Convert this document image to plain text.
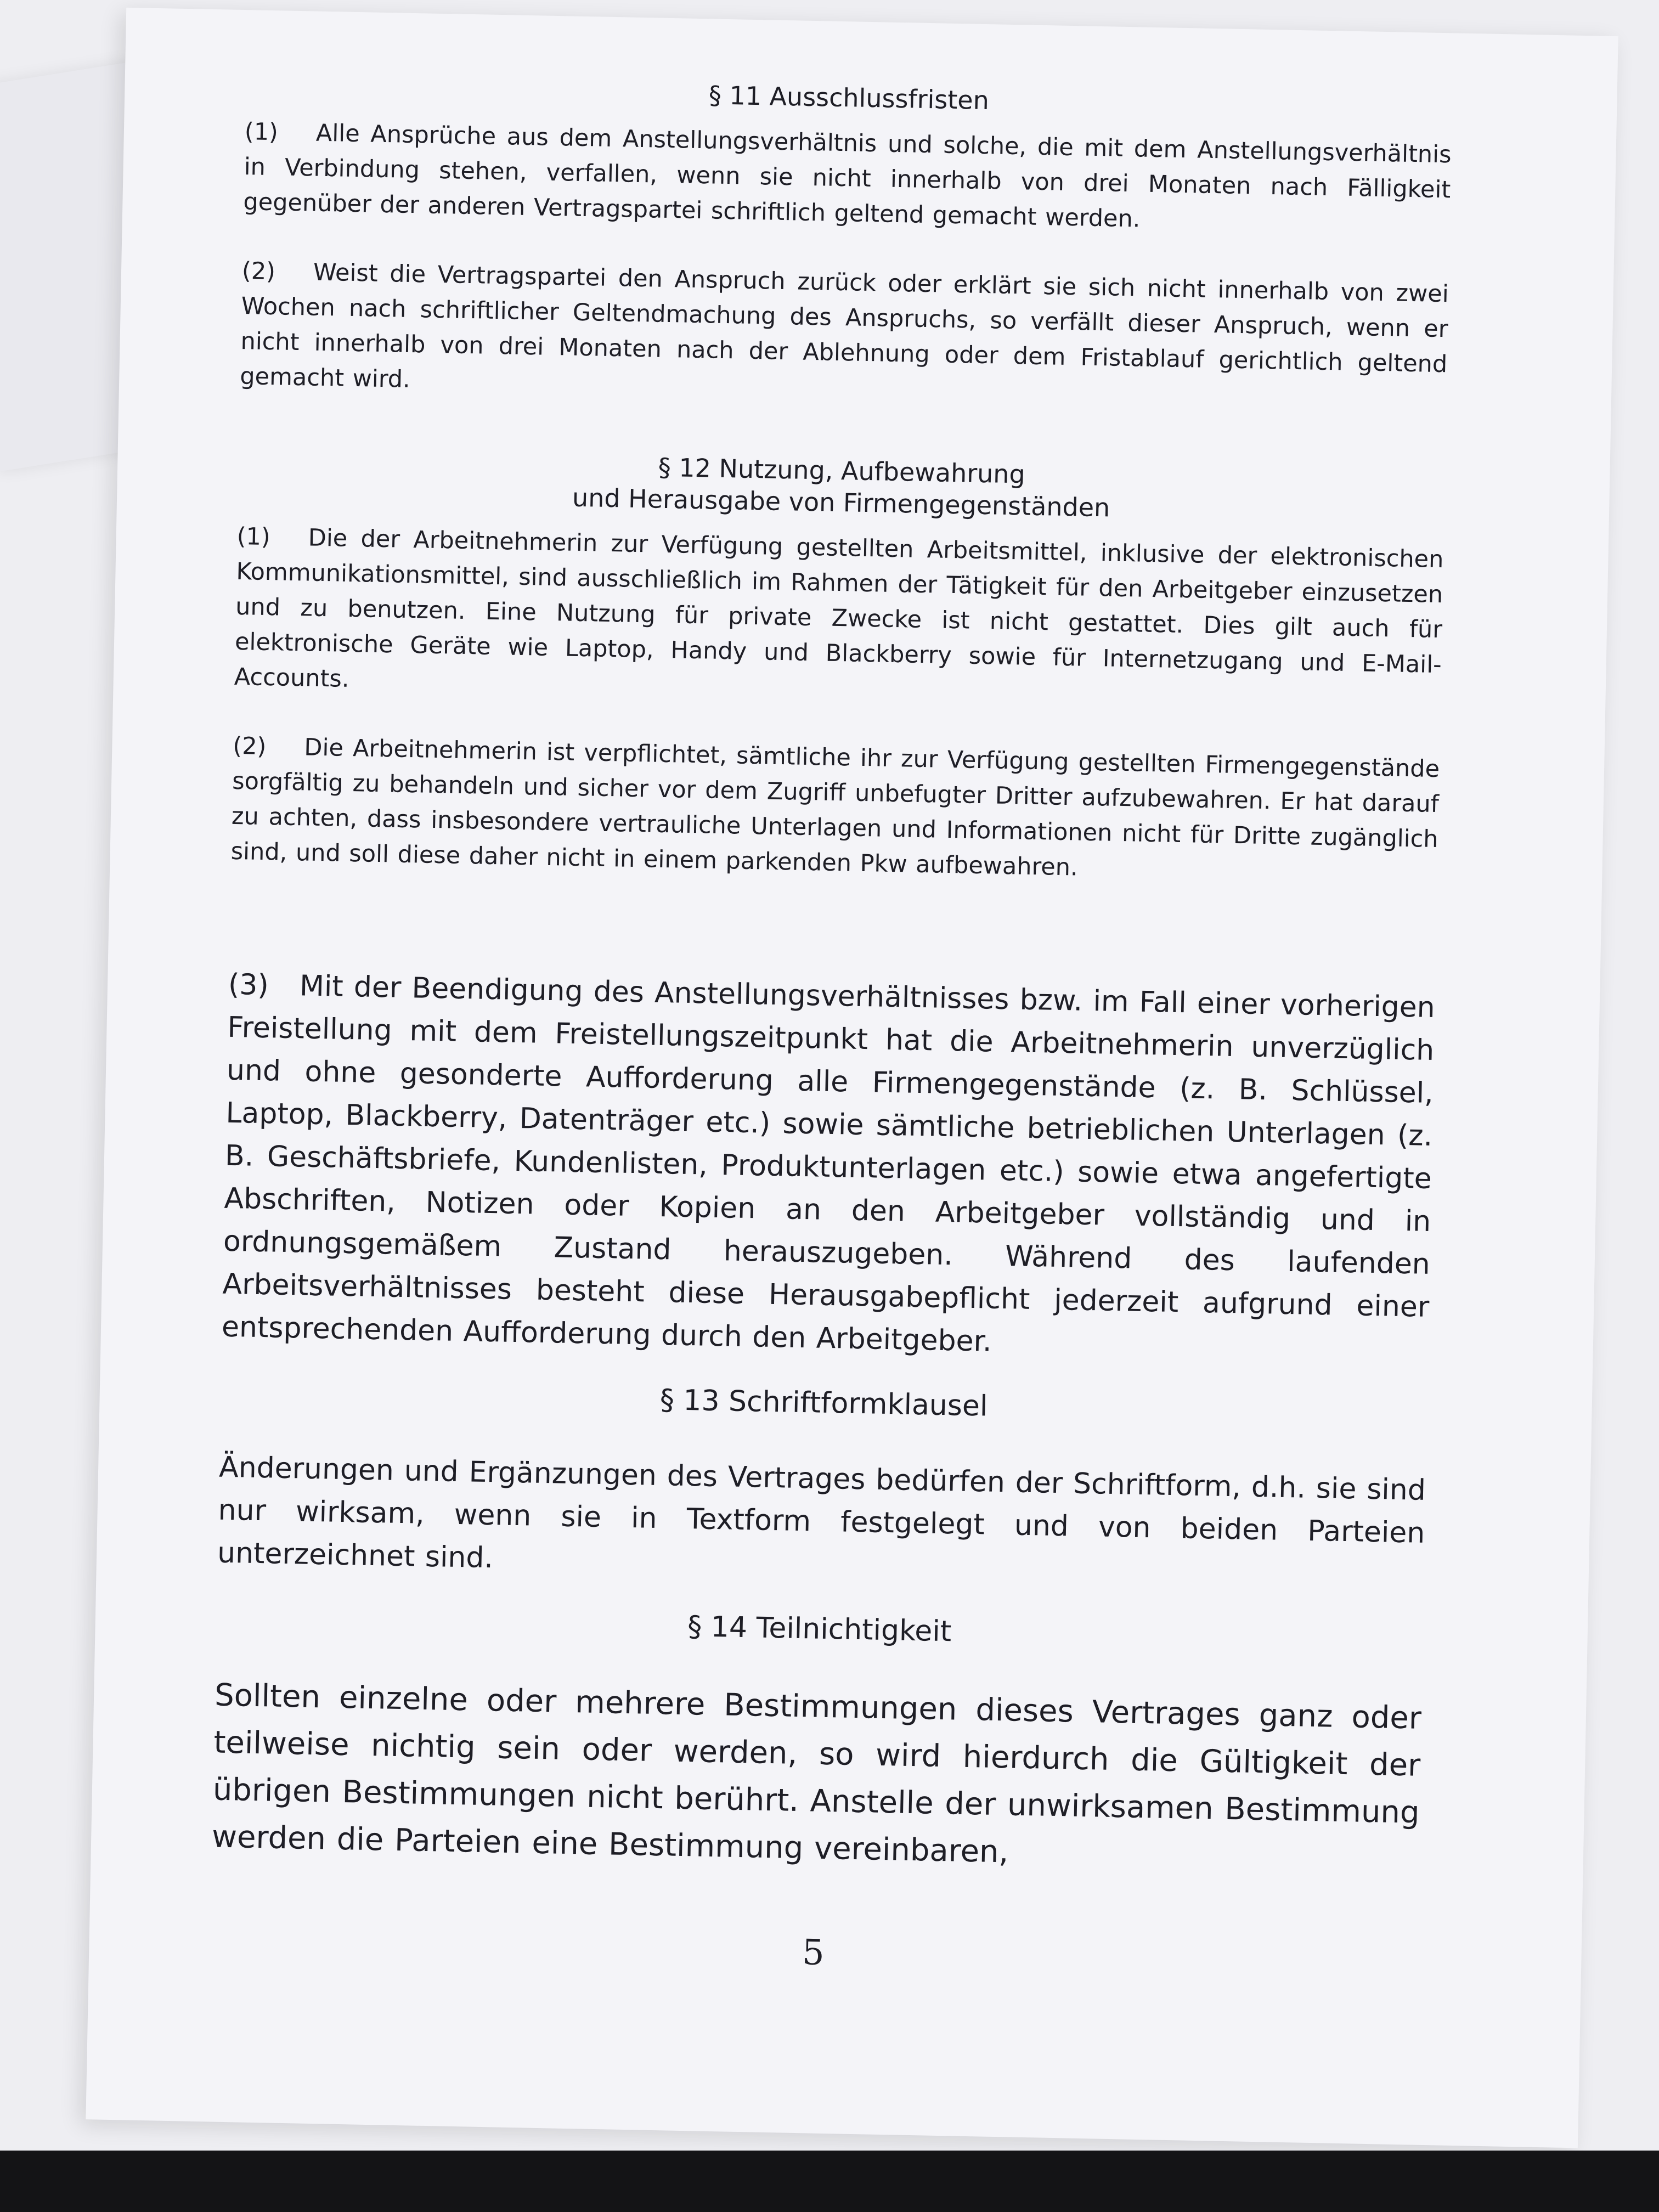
§ 11 Ausschlussfristen

(1) Alle Ansprüche aus dem Anstellungsverhältnis und solche, die mit dem Anstellungsverhältnis in Verbindung stehen, verfallen, wenn sie nicht innerhalb von drei Monaten nach Fälligkeit gegenüber der anderen Vertragspartei schriftlich geltend gemacht werden.

(2) Weist die Vertragspartei den Anspruch zurück oder erklärt sie sich nicht innerhalb von zwei Wochen nach schriftlicher Geltendmachung des Anspruchs, so verfällt dieser Anspruch, wenn er nicht innerhalb von drei Monaten nach der Ablehnung oder dem Fristablauf gerichtlich geltend gemacht wird.

§ 12 Nutzung, Aufbewahrung
und Herausgabe von Firmengegenständen

(1) Die der Arbeitnehmerin zur Verfügung gestellten Arbeitsmittel, inklusive der elektronischen Kommunikationsmittel, sind ausschließlich im Rahmen der Tätigkeit für den Arbeitgeber einzusetzen und zu benutzen. Eine Nutzung für private Zwecke ist nicht gestattet. Dies gilt auch für elektronische Geräte wie Laptop, Handy und Blackberry sowie für Internetzugang und E-Mail-Accounts.

(2) Die Arbeitnehmerin ist verpflichtet, sämtliche ihr zur Verfügung gestellten Firmengegenstände sorgfältig zu behandeln und sicher vor dem Zugriff unbefugter Dritter aufzubewahren. Er hat darauf zu achten, dass insbesondere vertrauliche Unterlagen und Informationen nicht für Dritte zugänglich sind, und soll diese daher nicht in einem parkenden Pkw aufbewahren.

(3) Mit der Beendigung des Anstellungsverhältnisses bzw. im Fall einer vorherigen Freistellung mit dem Freistellungszeitpunkt hat die Arbeitnehmerin unverzüglich und ohne gesonderte Aufforderung alle Firmengegenstände (z. B. Schlüssel, Laptop, Blackberry, Datenträger etc.) sowie sämtliche betrieblichen Unterlagen (z. B. Geschäftsbriefe, Kundenlisten, Produktunterlagen etc.) sowie etwa angefertigte Abschriften, Notizen oder Kopien an den Arbeitgeber vollständig und in ordnungsgemäßem Zustand herauszugeben. Während des laufenden Arbeitsverhältnisses besteht diese Herausgabepflicht jederzeit aufgrund einer entsprechenden Aufforderung durch den Arbeitgeber.

§ 13 Schriftformklausel

Änderungen und Ergänzungen des Vertrages bedürfen der Schriftform, d.h. sie sind nur wirksam, wenn sie in Textform festgelegt und von beiden Parteien unterzeichnet sind.

§ 14 Teilnichtigkeit

Sollten einzelne oder mehrere Bestimmungen dieses Vertrages ganz oder teilweise nichtig sein oder werden, so wird hierdurch die Gültigkeit der übrigen Bestimmungen nicht berührt. Anstelle der unwirksamen Bestimmung werden die Parteien eine Bestimmung vereinbaren,

5
